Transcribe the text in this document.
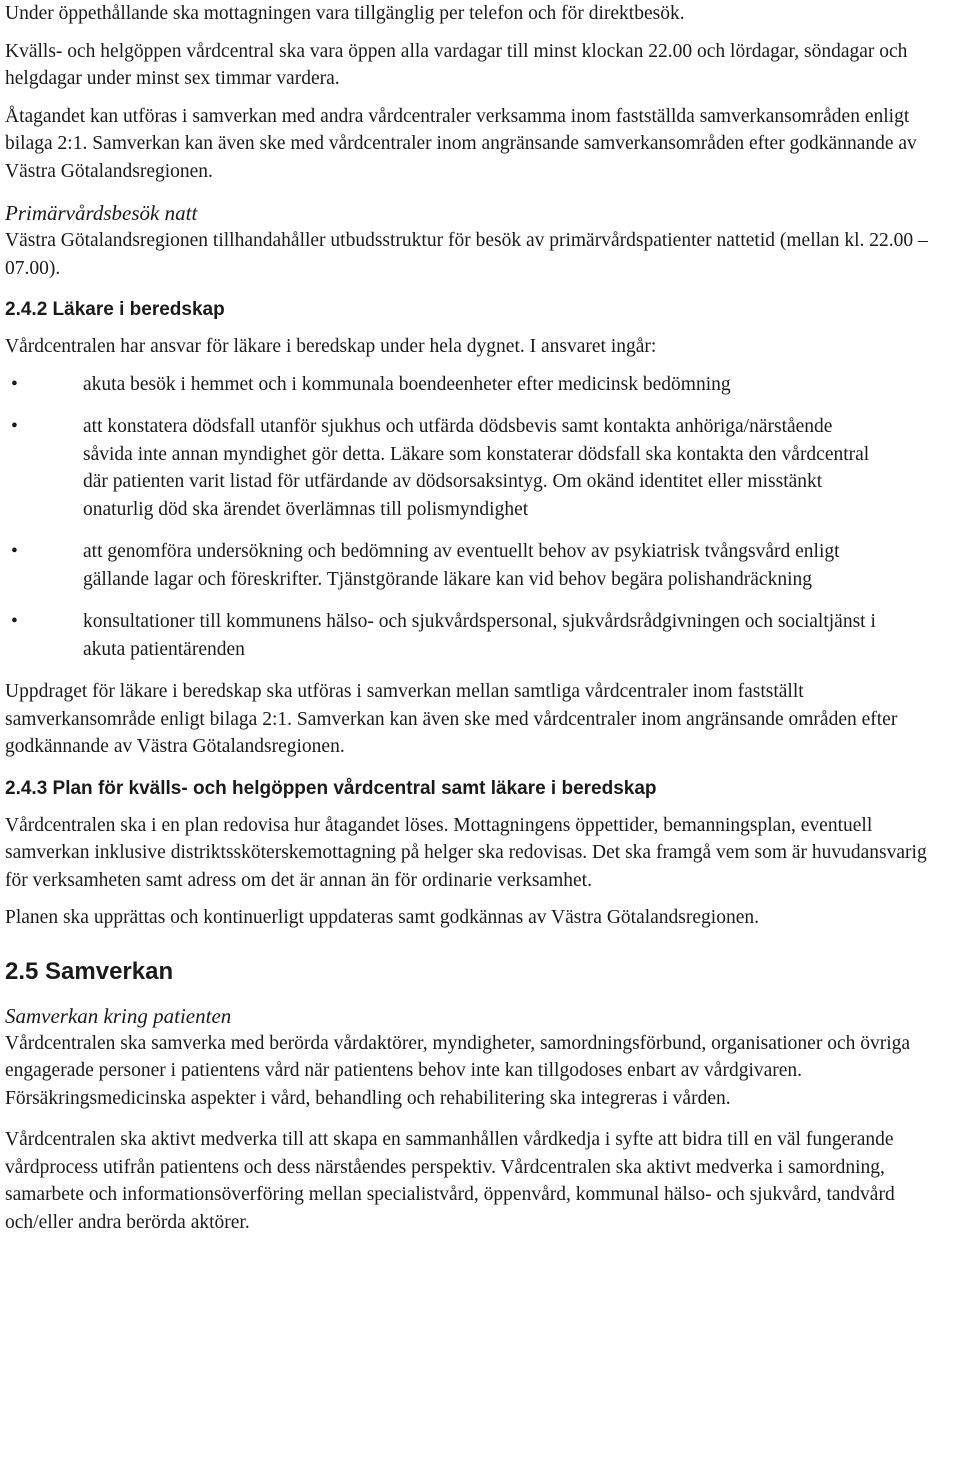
Under öppethållande ska mottagningen vara tillgänglig per telefon och för direktbesök.

Kvälls- och helgöppen vårdcentral ska vara öppen alla vardagar till minst klockan 22.00 och lördagar, söndagar och helgdagar under minst sex timmar vardera.

Åtagandet kan utföras i samverkan med andra vårdcentraler verksamma inom fastställda samverkansområden enligt bilaga 2:1. Samverkan kan även ske med vårdcentraler inom angränsande samverkansområden efter godkännande av Västra Götalandsregionen.

Primärvårdsbesök natt

Västra Götalandsregionen tillhandahåller utbudsstruktur för besök av primärvårdspatienter nattetid (mellan kl. 22.00 – 07.00).

2.4.2 Läkare i beredskap

Vårdcentralen har ansvar för läkare i beredskap under hela dygnet. I ansvaret ingår:

•	akuta besök i hemmet och i kommunala boendeenheter efter medicinsk bedömning
•	att konstatera dödsfall utanför sjukhus och utfärda dödsbevis samt kontakta anhöriga/närstående såvida inte annan myndighet gör detta. Läkare som konstaterar dödsfall ska kontakta den vårdcentral där patienten varit listad för utfärdande av dödsorsaksintyg. Om okänd identitet eller misstänkt onaturlig död ska ärendet överlämnas till polismyndighet
•	att genomföra undersökning och bedömning av eventuellt behov av psykiatrisk tvångsvård enligt gällande lagar och föreskrifter. Tjänstgörande läkare kan vid behov begära polishandräckning
•	konsultationer till kommunens hälso- och sjukvårdspersonal, sjukvårdsrådgivningen och socialtjänst i akuta patientärenden

Uppdraget för läkare i beredskap ska utföras i samverkan mellan samtliga vårdcentraler inom fastställt samverkansområde enligt bilaga 2:1. Samverkan kan även ske med vårdcentraler inom angränsande områden efter godkännande av Västra Götalandsregionen.

2.4.3 Plan för kvälls- och helgöppen vårdcentral samt läkare i beredskap

Vårdcentralen ska i en plan redovisa hur åtagandet löses. Mottagningens öppettider, bemanningsplan, eventuell samverkan inklusive distriktssköterskemottagning på helger ska redovisas. Det ska framgå vem som är huvudansvarig för verksamheten samt adress om det är annan än för ordinarie verksamhet.

Planen ska upprättas och kontinuerligt uppdateras samt godkännas av Västra Götalandsregionen.

2.5 Samverkan
Samverkan kring patienten

Vårdcentralen ska samverka med berörda vårdaktörer, myndigheter, samordningsförbund, organisationer och övriga engagerade personer i patientens vård när patientens behov inte kan tillgodoses enbart av vårdgivaren. Försäkringsmedicinska aspekter i vård, behandling och rehabilitering ska integreras i vården.

Vårdcentralen ska aktivt medverka till att skapa en sammanhållen vårdkedja i syfte att bidra till en väl fungerande vårdprocess utifrån patientens och dess närståendes perspektiv. Vårdcentralen ska aktivt medverka i samordning, samarbete och informationsöverföring mellan specialistvård, öppenvård, kommunal hälso- och sjukvård, tandvård och/eller andra berörda aktörer.
